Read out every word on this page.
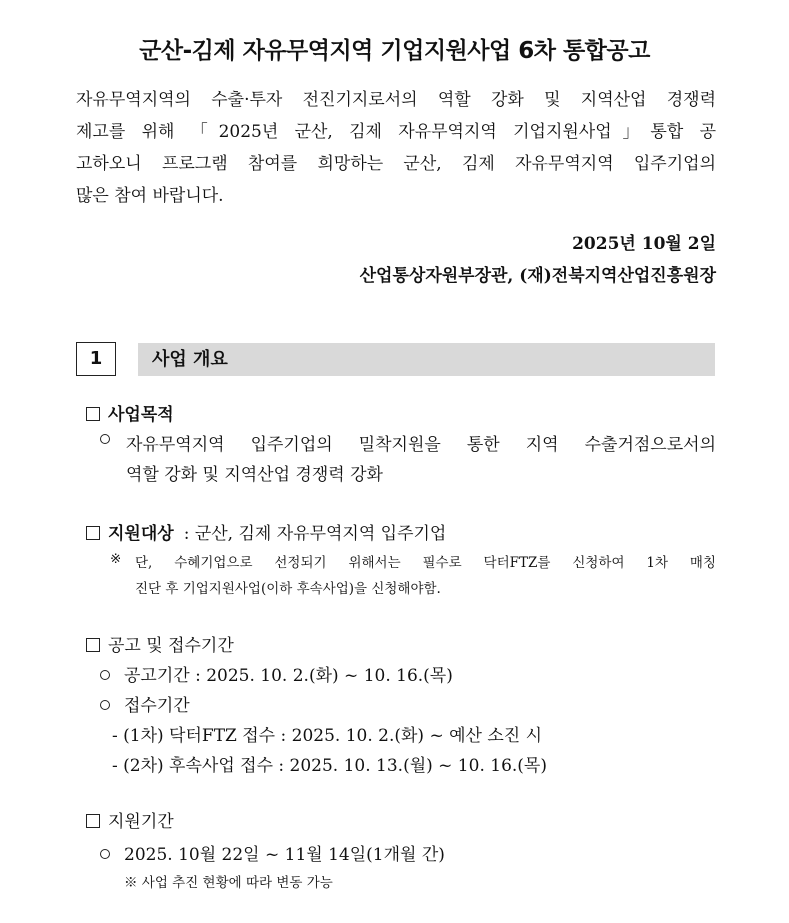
군산-김제 자유무역지역 기업지원사업 6차 통합공고
자유무역지역의 수출·투자 전진기지로서의 역할 강화 및 지역산업 경쟁력
제고를 위해 「2025년 군산, 김제 자유무역지역 기업지원사업」통합 공
고하오니 프로그램 참여를 희망하는 군산, 김제 자유무역지역 입주기업의
많은 참여 바랍니다.
2025년 10월 2일
산업통상자원부장관, (재)전북지역산업진흥원장
1	사업 개요
사업목적
자유무역지역 입주기업의 밀착지원을 통한 지역 수출거점으로서의
역할 강화 및 지역산업 경쟁력 강화
지원대상 : 군산, 김제 자유무역지역 입주기업
※ 단, 수혜기업으로 선정되기 위해서는 필수로 닥터FTZ를 신청하여 1차 매칭
진단 후 기업지원사업(이하 후속사업)을 신청해야함.
공고 및 접수기간
공고기간 : 2025. 10. 2.(화) ~ 10. 16.(목)
접수기간
- (1차) 닥터FTZ 접수 : 2025. 10. 2.(화) ~ 예산 소진 시
- (2차) 후속사업 접수 : 2025. 10. 13.(월) ~ 10. 16.(목)
지원기간
2025. 10월 22일 ~ 11월 14일(1개월 간)
※ 사업 추진 현황에 따라 변동 가능
